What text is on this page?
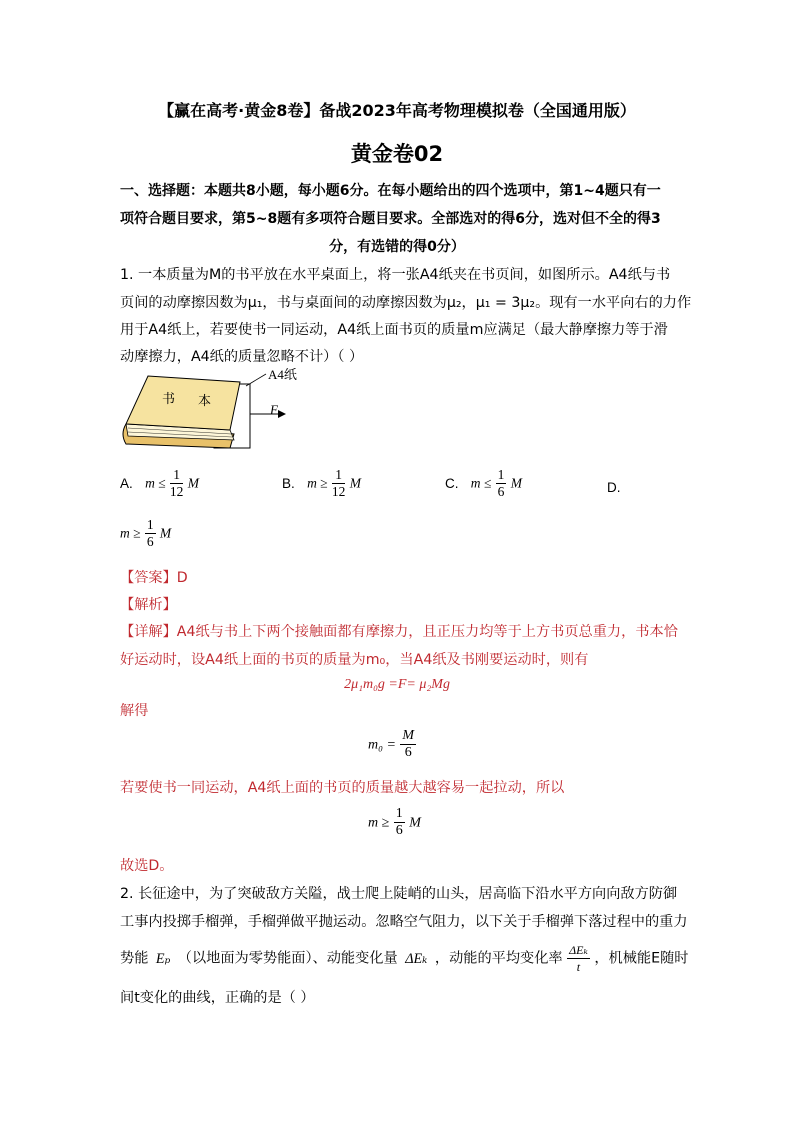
【赢在高考·黄金8卷】备战2023年高考物理模拟卷（全国通用版）
黄金卷02
一、选择题：本题共8小题，每小题6分。在每小题给出的四个选项中，第1~4题只有一
项符合题目要求，第5~8题有多项符合题目要求。全部选对的得6分，选对但不全的得3
分，有选错的得0分）
1. 一本质量为M的书平放在水平桌面上，将一张A4纸夹在书页间，如图所示。A4纸与书
页间的动摩擦因数为μ₁，书与桌面间的动摩擦因数为μ₂，μ₁ = 3μ₂。现有一水平向右的力作
用于A4纸上，若要使书一同运动，A4纸上面书页的质量m应满足（最大静摩擦力等于滑
动摩擦力，A4纸的质量忽略不计）（ ）
书 本
A4纸
F
A. $m \le \frac{1}{12}$ M	B. $m \ge \frac{1}{12}$ M	C. $m \le \frac{1}{6}$ M	D.
$m \ge \frac{1}{6}$ M
【答案】D
【解析】
【详解】A4纸与书上下两个接触面都有摩擦力，且正压力均等于上方书页总重力，书本恰
好运动时，设A4纸上面的书页的质量为m₀，当A4纸及书刚要运动时，则有
2μ₁m₀g =F= μ₂Mg
解得
$m_0 = \frac{M}{6}$
若要使书一同运动，A4纸上面的书页的质量越大越容易一起拉动，所以
$m \ge \frac{1}{6}$ M
故选D。
2. 长征途中，为了突破敌方关隘，战士爬上陡峭的山头，居高临下沿水平方向向敌方防御
工事内投掷手榴弹，手榴弹做平抛运动。忽略空气阻力，以下关于手榴弹下落过程中的重力
势能 Eₚ （以地面为零势能面）、动能变化量 ΔEₖ ，动能的平均变化率 $\frac{\text{ΔEₖ}}{t}$ ，机械能E随时
间t变化的曲线，正确的是（ ）
